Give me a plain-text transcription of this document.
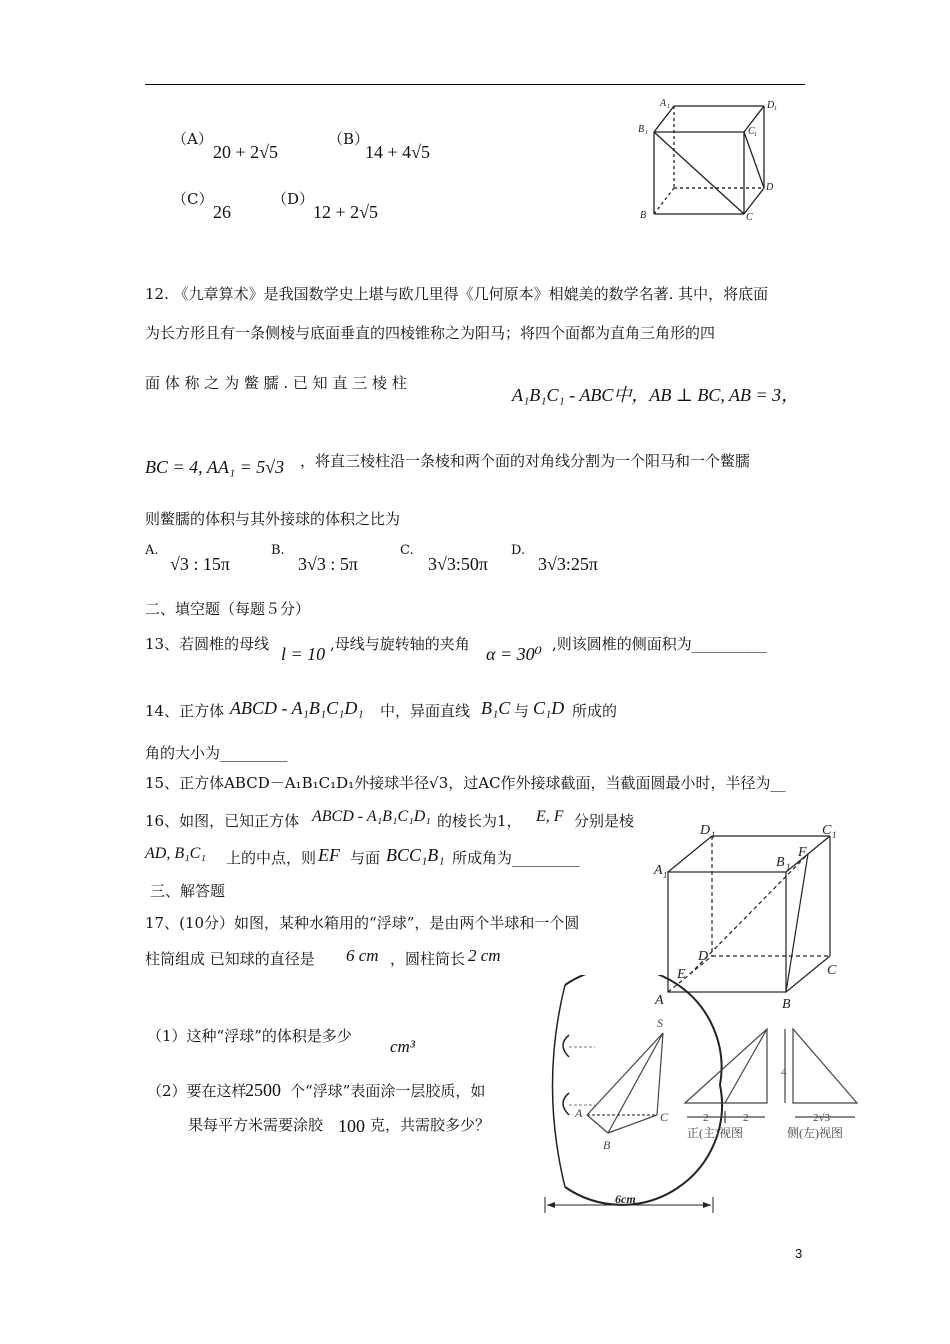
（A）
20 + 2√5
（B）
14 + 4√5
（C）
26
（D）
12 + 2√5
A 1	D 1
B 1	C 1
D
B	C
12. 《九章算术》是我国数学史上堪与欧几里得《几何原本》相媲美的数学名著. 其中，将底面
为长方形且有一条侧棱与底面垂直的四棱锥称之为阳马；将四个面都为直角三角形的四
面 体 称 之 为 鳖 臑 . 已 知 直 三 棱 柱
A₁B₁C₁ - ABC中，AB ⊥ BC, AB = 3，
BC = 4, AA₁ = 5√3 ，将直三棱柱沿一条棱和两个面的对角线分割为一个阳马和一个鳖臑
则鳖臑的体积与其外接球的体积之比为
A.
√3 : 15π
B.
3√3 : 5π
C.
3√3:50π
D.
3√3:25π
二、填空题（每题５分）
13、若圆椎的母线 l = 10 ,母线与旋转轴的夹角 α = 30⁰ ,则该圆椎的侧面积为__________
14、正方体 ABCD - A₁B₁C₁D₁ 中，异面直线 B₁C 与 C₁D 所成的
角的大小为_________
15、正方体ABCD－A₁B₁C₁D₁外接球半径√3，过AC作外接球截面，当截面圆最小时，半径为__
16、如图，已知正方体 ABCD - A₁B₁C₁D₁ 的棱长为1， E, F 分别是棱
AD, B₁C₁ 上的中点，则 EF 与面 BCC₁B₁ 所成角为_________
三、解答题
17、(10分）如图，某种水箱用的“浮球”，是由两个半球和一个圆
柱筒组成 已知球的直径是 6 cm ，圆柱筒长 2 cm
（1）这种“浮球”的体积是多少
cm³
（2）要在这样
2500 个“浮球”表面涂一层胶质，如
果每平方米需要涂胶 100 克，共需胶多少？
D 1	C 1
A 1
B 1
F
D
C
E
A	B
6cm
S
A	C
B
2	2
正(主)视图
4
2√3
侧(左)视图
3
